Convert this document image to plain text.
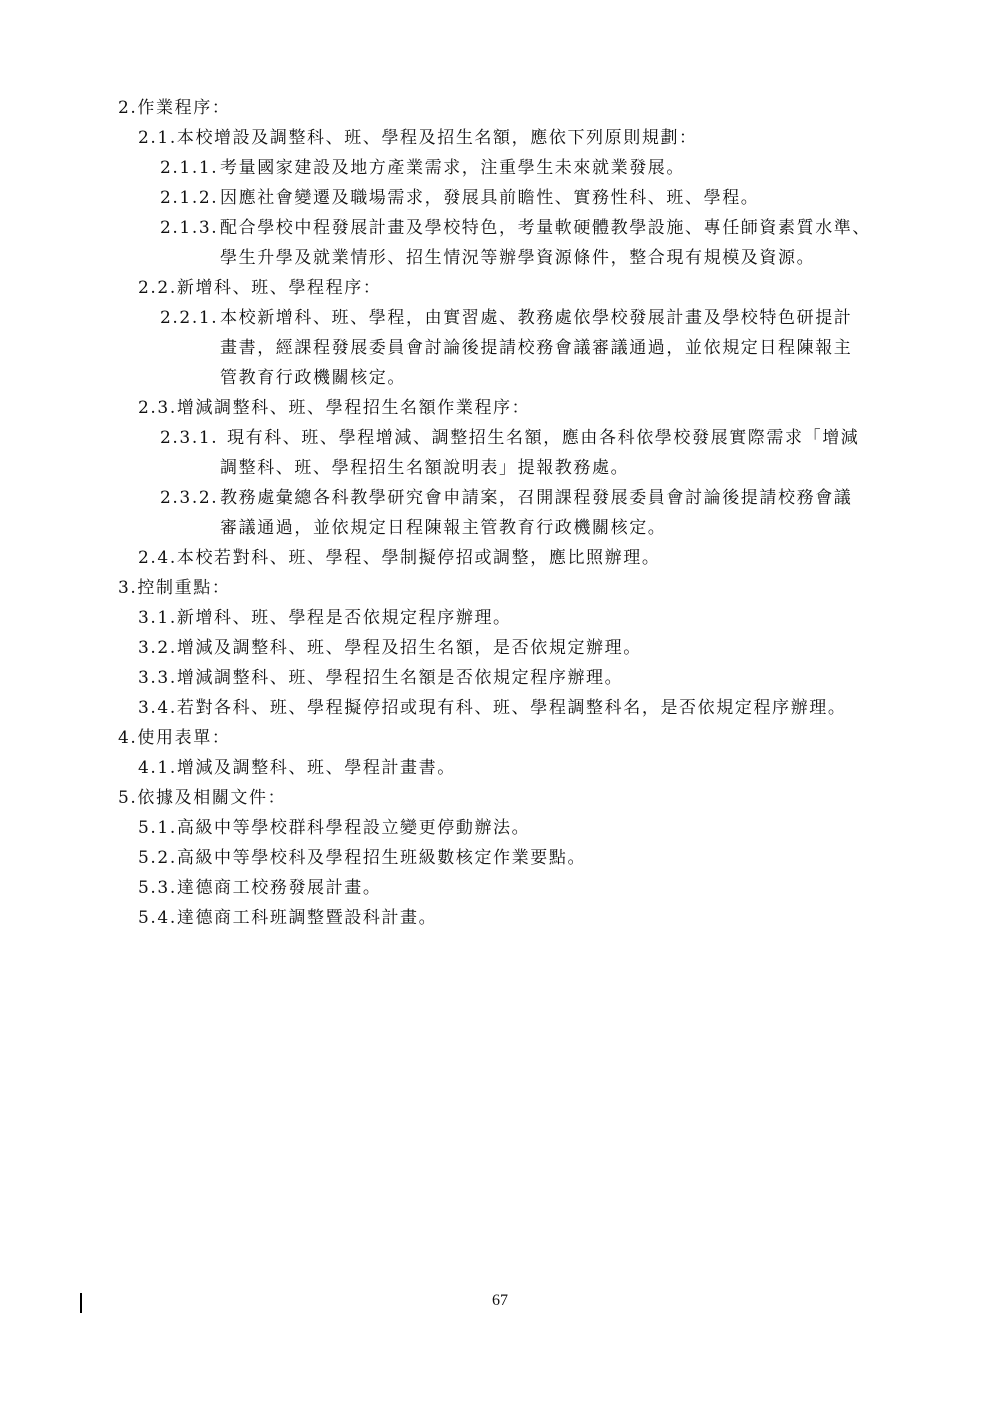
2. 作業程序：
2.1. 本校增設及調整科、班、學程及招生名額，應依下列原則規劃：
2.1.1. 考量國家建設及地方產業需求，注重學生未來就業發展。
2.1.2. 因應社會變遷及職場需求，發展具前瞻性、實務性科、班、學程。
2.1.3. 配合學校中程發展計畫及學校特色，考量軟硬體教學設施、專任師資素質水準、
學生升學及就業情形、招生情況等辦學資源條件，整合現有規模及資源。
2.2. 新增科、班、學程程序：
2.2.1. 本校新增科、班、學程，由實習處、教務處依學校發展計畫及學校特色研提計
畫書，經課程發展委員會討論後提請校務會議審議通過，並依規定日程陳報主
管教育行政機關核定。
2.3. 增減調整科、班、學程招生名額作業程序：
2.3.1. 現有科、班、學程增減、調整招生名額，應由各科依學校發展實際需求「增減
調整科、班、學程招生名額說明表」提報教務處。
2.3.2. 教務處彙總各科教學研究會申請案，召開課程發展委員會討論後提請校務會議
審議通過，並依規定日程陳報主管教育行政機關核定。
2.4. 本校若對科、班、學程、學制擬停招或調整，應比照辦理。
3. 控制重點：
3.1. 新增科、班、學程是否依規定程序辦理。
3.2. 增減及調整科、班、學程及招生名額，是否依規定辦理。
3.3. 增減調整科、班、學程招生名額是否依規定程序辦理。
3.4. 若對各科、班、學程擬停招或現有科、班、學程調整科名，是否依規定程序辦理。
4. 使用表單：
4.1. 增減及調整科、班、學程計畫書。
5. 依據及相關文件：
5.1. 高級中等學校群科學程設立變更停動辦法。
5.2. 高級中等學校科及學程招生班級數核定作業要點。
5.3. 達德商工校務發展計畫。
5.4. 達德商工科班調整暨設科計畫。
67
